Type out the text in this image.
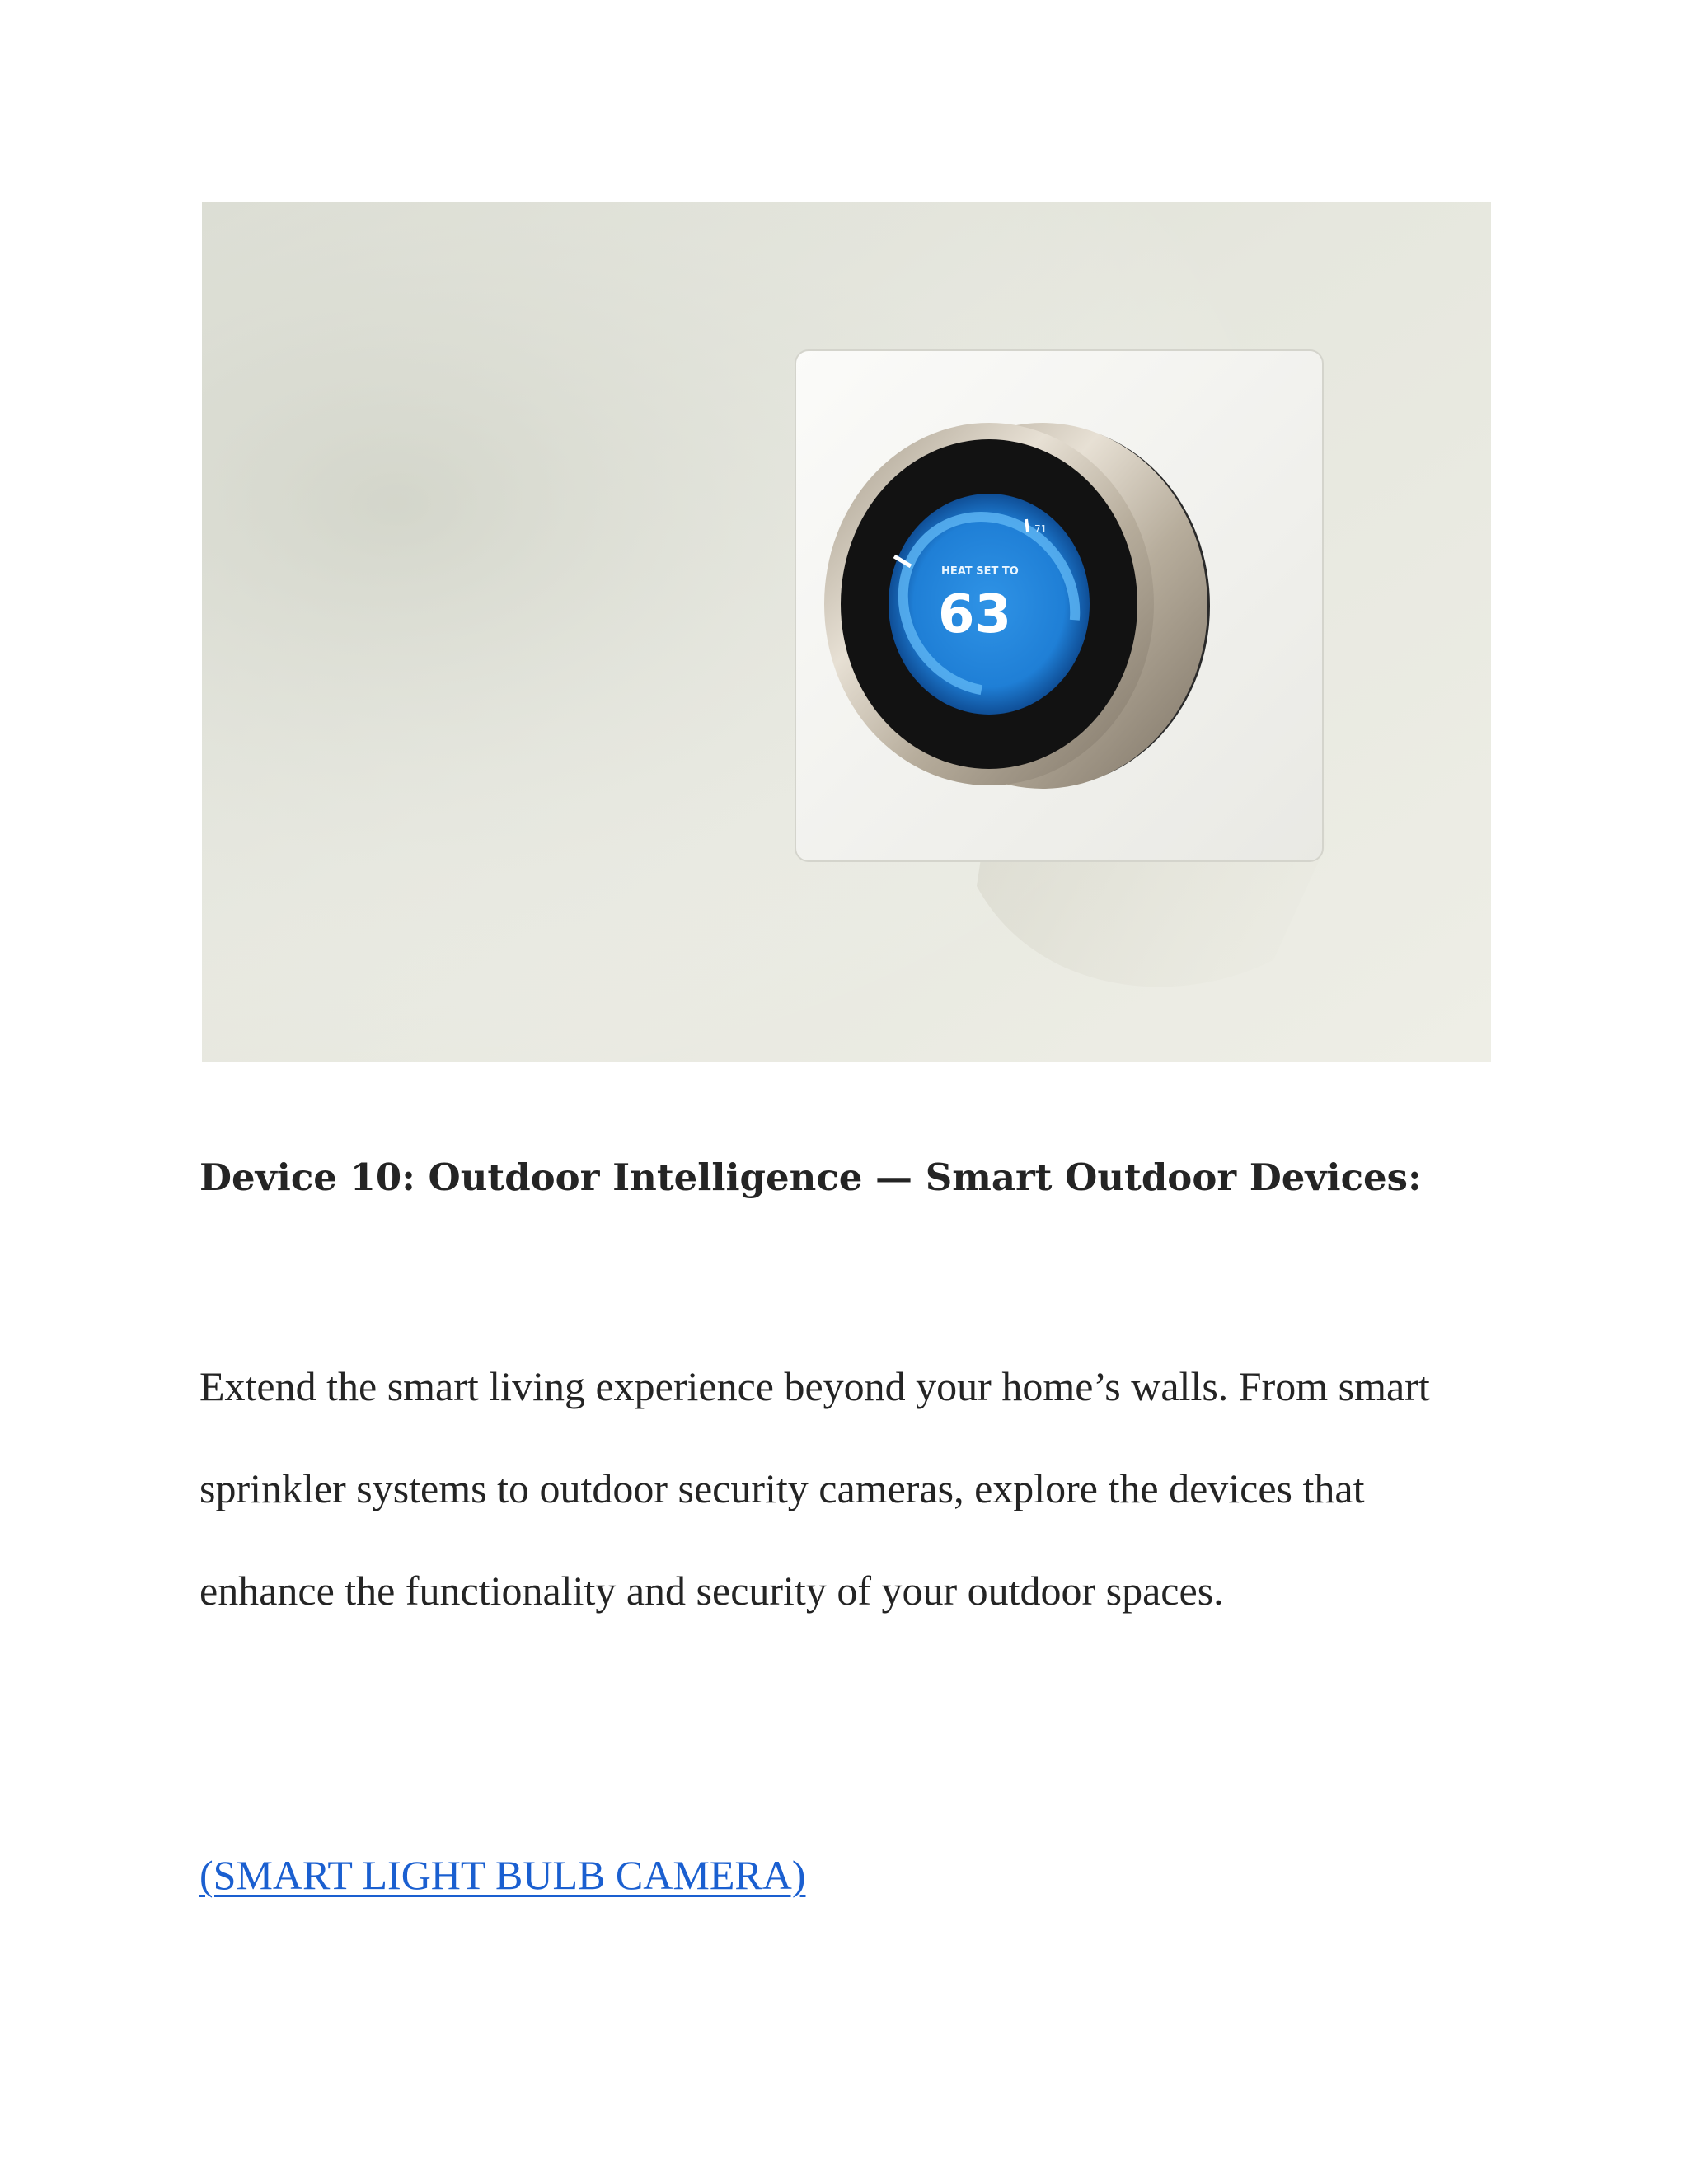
71
HEAT SET TO
63
Device 10: Outdoor Intelligence — Smart Outdoor Devices:

Extend the smart living experience beyond your home’s walls. From smart sprinkler systems to outdoor security cameras, explore the devices that enhance the functionality and security of your outdoor spaces.

(SMART LIGHT BULB CAMERA)
